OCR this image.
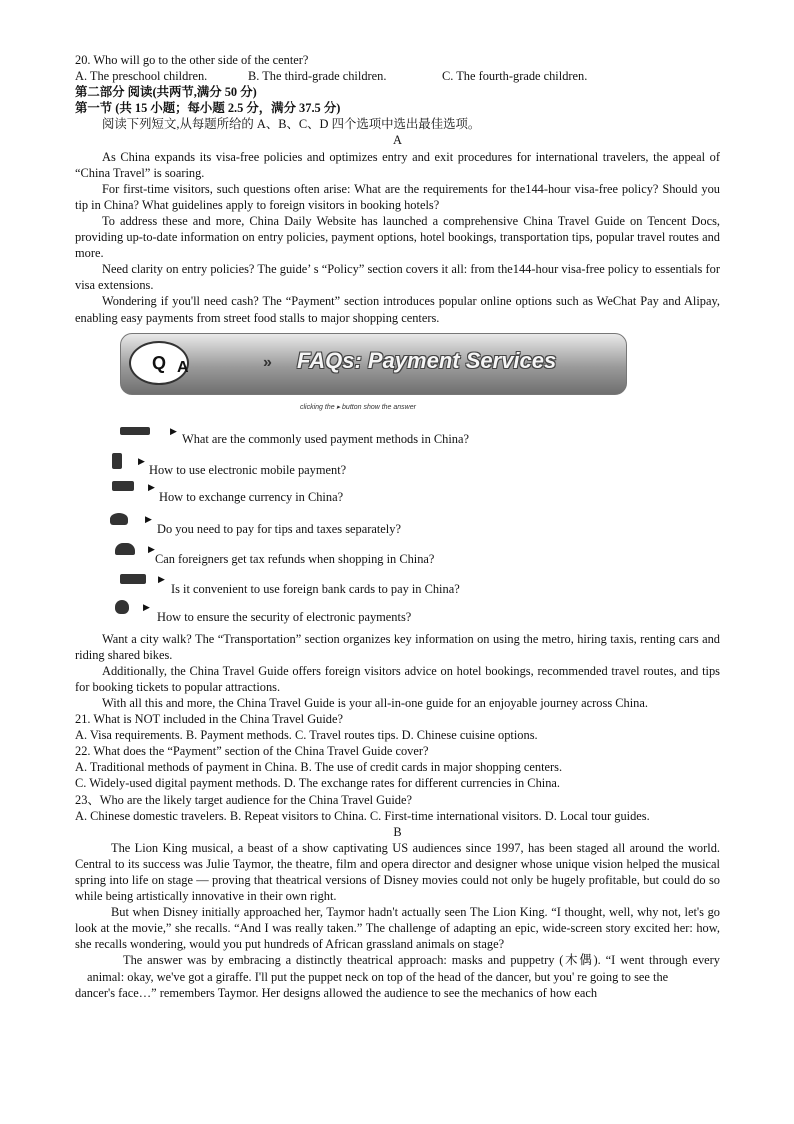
20. Who will go to the other side of the center?

A. The preschool children.	B. The third-grade children.	C. The fourth-grade children.

第二部分 阅读(共两节,满分 50 分)

第一节 (共 15 小题；每小题 2.5 分，满分 37.5 分)

阅读下列短文,从每题所给的 A、B、C、D 四个选项中选出最佳选项。

A

As China expands its visa-free policies and optimizes entry and exit procedures for international travelers, the appeal of “China Travel” is soaring.

For first-time visitors, such questions often arise: What are the requirements for the144-hour visa-free policy? Should you tip in China? What guidelines apply to foreign visitors in booking hotels?

To address these and more, China Daily Website has launched a comprehensive China Travel Guide on Tencent Docs, providing up-to-date information on entry policies, payment options, hotel bookings, transportation tips, popular travel routes and more.

Need clarity on entry policies? The guide’ s “Policy” section covers it all: from the144-hour visa-free policy to essentials for visa extensions.

Wondering if you'll need cash? The “Payment” section introduces popular online options such as WeChat Pay and Alipay, enabling easy payments from street food stalls to major shopping centers.

Q A	» FAQs: Payment Services
clicking the ▸ button show the answer
▶
What are the commonly used payment methods in China?
▶
How to use electronic mobile payment?
▶
How to exchange currency in China?
▶
Do you need to pay for tips and taxes separately?
▶
Can foreigners get tax refunds when shopping in China?
▶
Is it convenient to use foreign bank cards to pay in China?
▶
How to ensure the security of electronic payments?

Want a city walk? The “Transportation” section organizes key information on using the metro, hiring taxis, renting cars and riding shared bikes.

Additionally, the China Travel Guide offers foreign visitors advice on hotel bookings, recommended travel routes, and tips for booking tickets to popular attractions.

With all this and more, the China Travel Guide is your all-in-one guide for an enjoyable journey across China.

21. What is NOT included in the China Travel Guide?

A. Visa requirements. B. Payment methods. C. Travel routes tips. D. Chinese cuisine options.

22. What does the “Payment” section of the China Travel Guide cover?

A. Traditional methods of payment in China. B. The use of credit cards in major shopping centers.

C. Widely-used digital payment methods. D. The exchange rates for different currencies in China.

23、Who are the likely target audience for the China Travel Guide?

A. Chinese domestic travelers. B. Repeat visitors to China. C. First-time international visitors. D. Local tour guides.

B

The Lion King musical, a beast of a show captivating US audiences since 1997, has been staged all around the world. Central to its success was Julie Taymor, the theatre, film and opera director and designer whose unique vision helped the musical spring into life on stage — proving that theatrical versions of Disney movies could not only be hugely profitable, but could do so while being artistically innovative in their own right.

But when Disney initially approached her, Taymor hadn't actually seen The Lion King. “I thought, well, why not, let's go look at the movie,” she recalls. “And I was really taken.” The challenge of adapting an epic, wide-screen story excited her: how, she recalls wondering, would you put hundreds of African grassland animals on stage?

The answer was by embracing a distinctly theatrical approach: masks and puppetry (木偶). “I went through every animal: okay, we've got a giraffe. I'll put the puppet neck on top of the head of the dancer, but you' re going to see the

dancer's face…” remembers Taymor. Her designs allowed the audience to see the mechanics of how each
